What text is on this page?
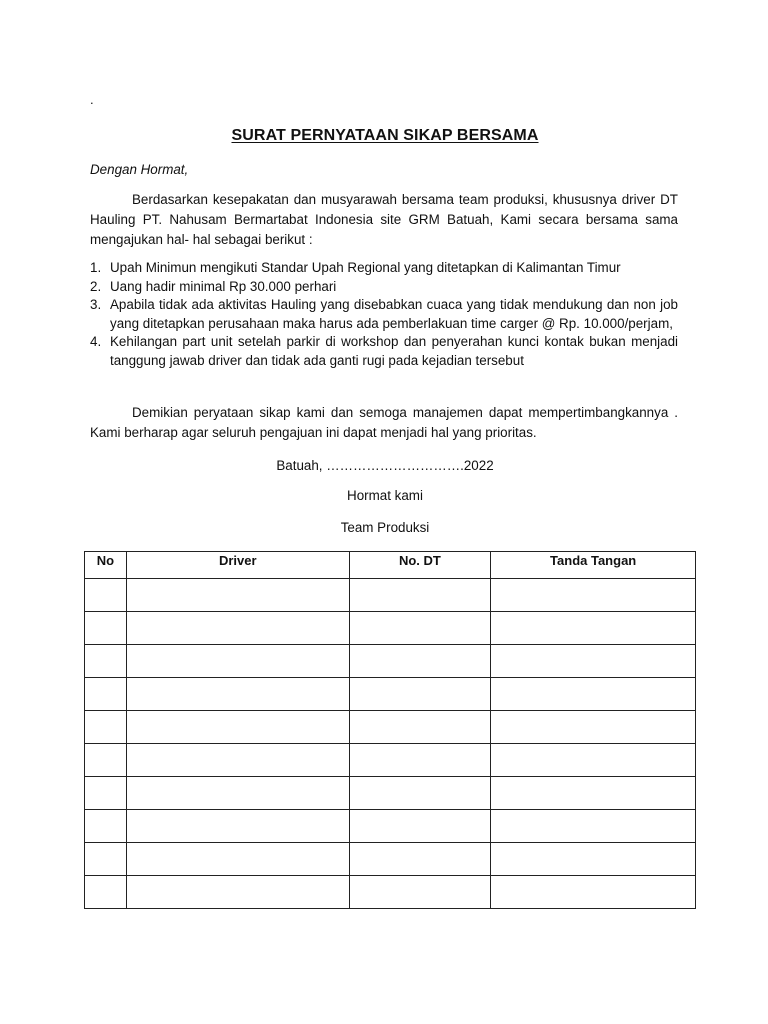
.
SURAT PERNYATAAN SIKAP BERSAMA
Dengan Hormat,
Berdasarkan kesepakatan dan musyarawah bersama team produksi, khususnya driver DT Hauling PT. Nahusam Bermartabat Indonesia site GRM Batuah, Kami secara bersama sama mengajukan hal- hal sebagai berikut :
1. Upah Minimun mengikuti Standar Upah Regional yang ditetapkan di Kalimantan Timur
2. Uang hadir minimal Rp 30.000 perhari
3. Apabila tidak ada aktivitas Hauling yang disebabkan cuaca yang tidak mendukung dan non job yang ditetapkan perusahaan maka harus ada pemberlakuan time carger @ Rp. 10.000/perjam,
4. Kehilangan part unit setelah parkir di workshop dan penyerahan kunci kontak bukan menjadi tanggung jawab driver dan tidak ada ganti rugi pada kejadian tersebut
Demikian peryataan sikap kami dan semoga manajemen dapat mempertimbangkannya . Kami berharap agar seluruh pengajuan ini dapat menjadi hal yang prioritas.
Batuah, ………………………….2022
Hormat kami
Team Produksi
No	Driver	No. DT	Tanda Tangan
